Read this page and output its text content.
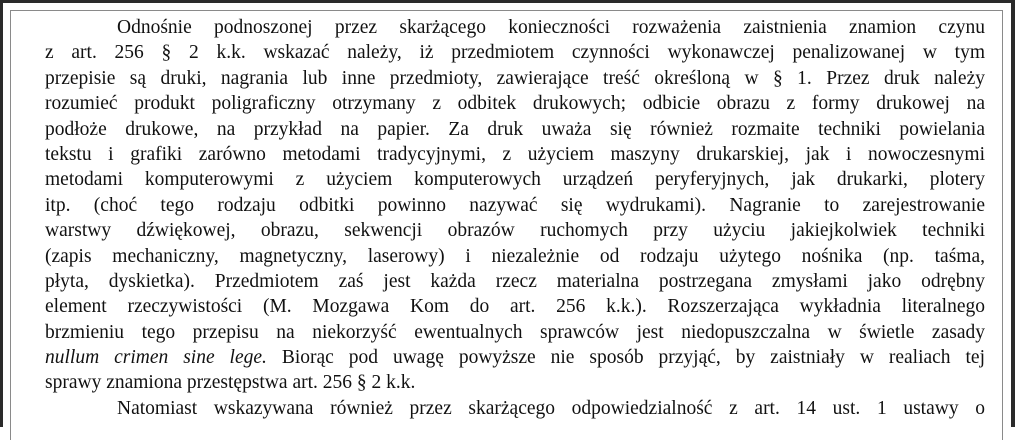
Odnośnie podnoszonej przez skarżącego konieczności rozważenia zaistnienia znamion czynu
z art. 256 § 2 k.k. wskazać należy, iż przedmiotem czynności wykonawczej penalizowanej w tym
przepisie są druki, nagrania lub inne przedmioty, zawierające treść określoną w § 1. Przez druk należy
rozumieć produkt poligraficzny otrzymany z odbitek drukowych; odbicie obrazu z formy drukowej na
podłoże drukowe, na przykład na papier. Za druk uważa się również rozmaite techniki powielania
tekstu i grafiki zarówno metodami tradycyjnymi, z użyciem maszyny drukarskiej, jak i nowoczesnymi
metodami komputerowymi z użyciem komputerowych urządzeń peryferyjnych, jak drukarki, plotery
itp. (choć tego rodzaju odbitki powinno nazywać się wydrukami). Nagranie to zarejestrowanie
warstwy dźwiękowej, obrazu, sekwencji obrazów ruchomych przy użyciu jakiejkolwiek techniki
(zapis mechaniczny, magnetyczny, laserowy) i niezależnie od rodzaju użytego nośnika (np. taśma,
płyta, dyskietka). Przedmiotem zaś jest każda rzecz materialna postrzegana zmysłami jako odrębny
element rzeczywistości (M. Mozgawa Kom do art. 256 k.k.). Rozszerzająca wykładnia literalnego
brzmieniu tego przepisu na niekorzyść ewentualnych sprawców jest niedopuszczalna w świetle zasady
nullum crimen sine lege. Biorąc pod uwagę powyższe nie sposób przyjąć, by zaistniały w realiach tej
sprawy znamiona przestępstwa art. 256 § 2 k.k.
Natomiast wskazywana również przez skarżącego odpowiedzialność z art. 14 ust. 1 ustawy o
